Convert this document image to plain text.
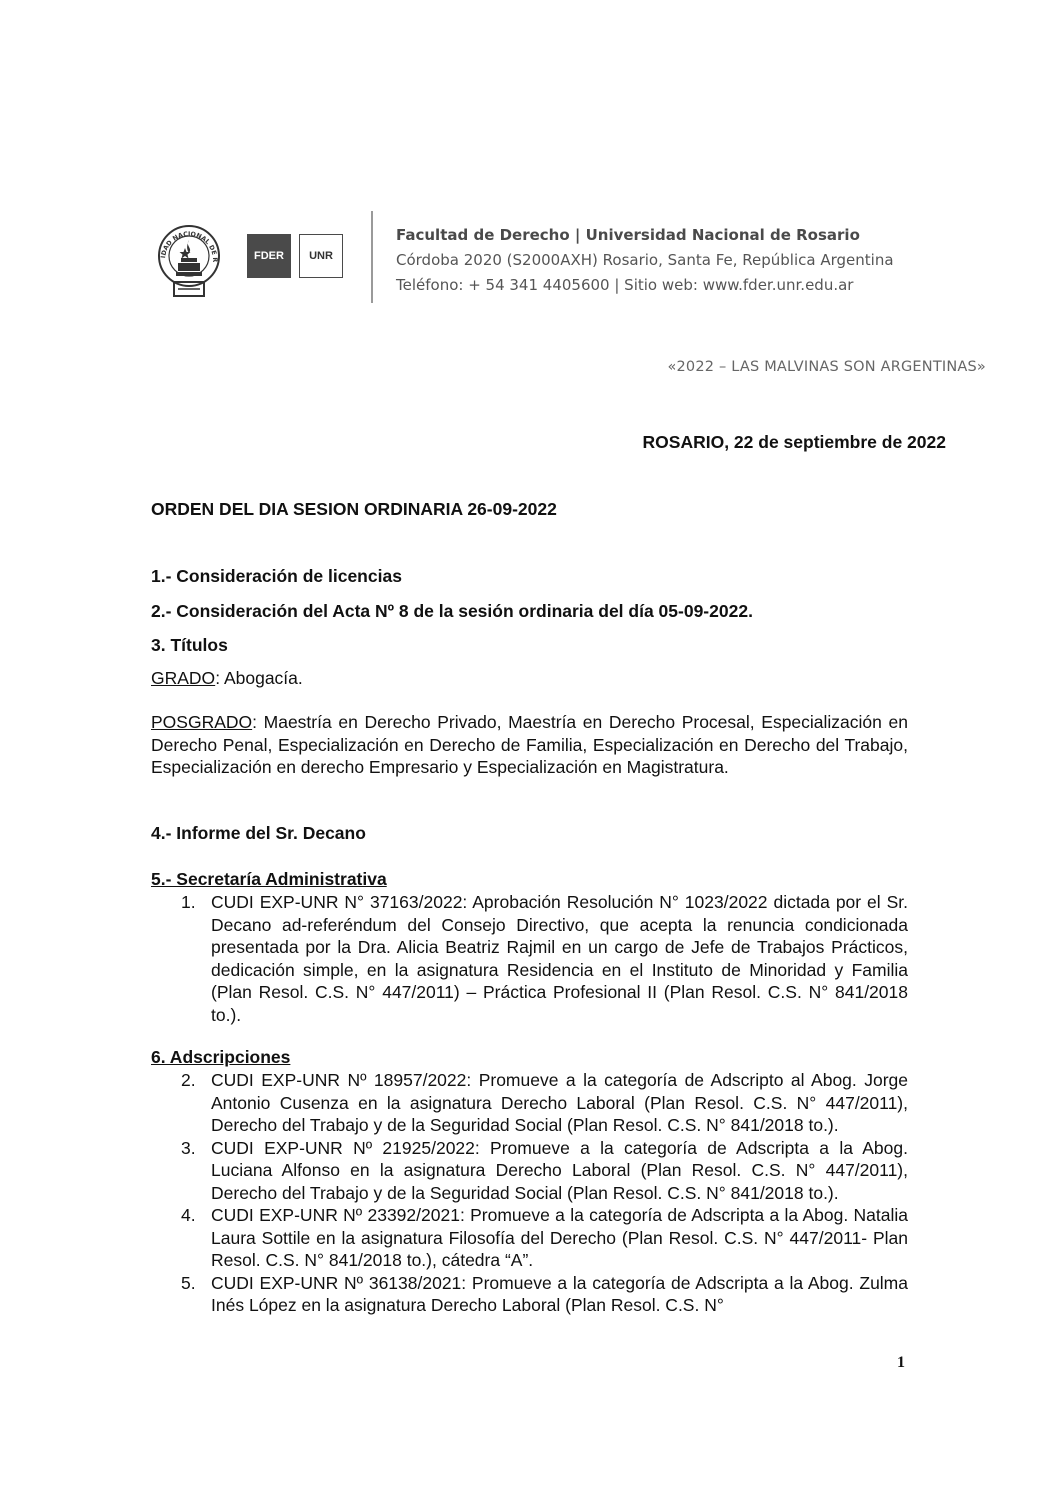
IDAD NACIONAL DE R	FDER	UNR
Facultad de Derecho | Universidad Nacional de Rosario
Córdoba 2020 (S2000AXH) Rosario, Santa Fe, República Argentina
Teléfono: + 54 341 4405600 | Sitio web: www.fder.unr.edu.ar
«2022 – LAS MALVINAS SON ARGENTINAS»
ROSARIO, 22 de septiembre de 2022
ORDEN DEL DIA SESION ORDINARIA 26-09-2022
1.- Consideración de licencias
2.- Consideración del Acta Nº 8 de la sesión ordinaria del día 05-09-2022.
3. Títulos
GRADO: Abogacía.
POSGRADO: Maestría en Derecho Privado, Maestría en Derecho Procesal, Especialización en Derecho Penal, Especialización en Derecho de Familia, Especialización en Derecho del Trabajo, Especialización en derecho Empresario y Especialización en Magistratura.
4.- Informe del Sr. Decano
5.- Secretaría Administrativa
1. CUDI EXP-UNR N° 37163/2022: Aprobación Resolución N° 1023/2022 dictada por el Sr. Decano ad-referéndum del Consejo Directivo, que acepta la renuncia condicionada presentada por la Dra. Alicia Beatriz Rajmil en un cargo de Jefe de Trabajos Prácticos, dedicación simple, en la asignatura Residencia en el Instituto de Minoridad y Familia (Plan Resol. C.S. N° 447/2011) – Práctica Profesional II (Plan Resol. C.S. N° 841/2018 to.).
6. Adscripciones
2. CUDI EXP-UNR Nº 18957/2022: Promueve a la categoría de Adscripto al Abog. Jorge Antonio Cusenza en la asignatura Derecho Laboral (Plan Resol. C.S. N° 447/2011), Derecho del Trabajo y de la Seguridad Social (Plan Resol. C.S. N° 841/2018 to.).
3. CUDI EXP-UNR Nº 21925/2022: Promueve a la categoría de Adscripta a la Abog. Luciana Alfonso en la asignatura Derecho Laboral (Plan Resol. C.S. N° 447/2011), Derecho del Trabajo y de la Seguridad Social (Plan Resol. C.S. N° 841/2018 to.).
4. CUDI EXP-UNR Nº 23392/2021: Promueve a la categoría de Adscripta a la Abog. Natalia Laura Sottile en la asignatura Filosofía del Derecho (Plan Resol. C.S. N° 447/2011- Plan Resol. C.S. N° 841/2018 to.), cátedra “A”.
5. CUDI EXP-UNR Nº 36138/2021: Promueve a la categoría de Adscripta a la Abog. Zulma Inés López en la asignatura Derecho Laboral (Plan Resol. C.S. N°
1
